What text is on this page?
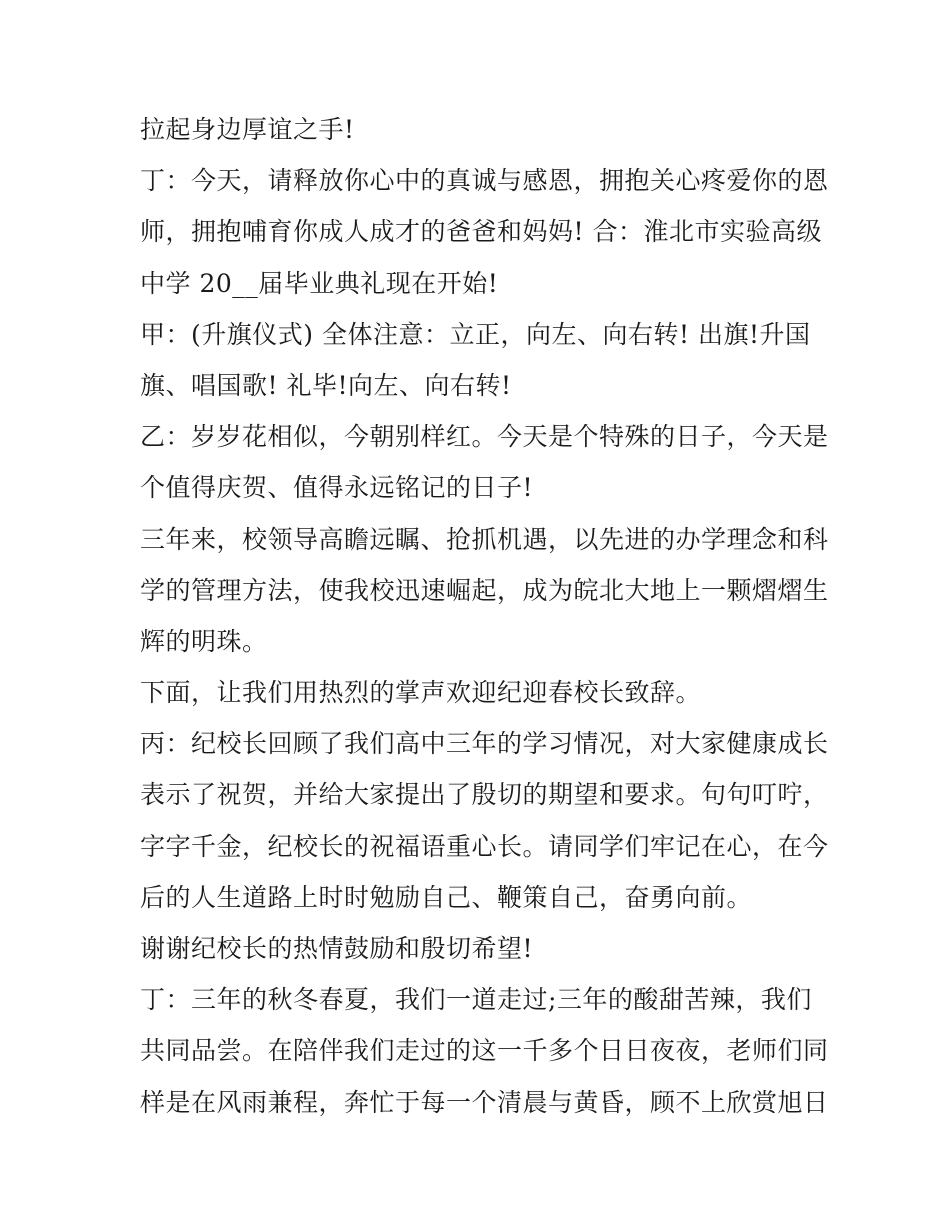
拉起身边厚谊之手!
丁：今天，请释放你心中的真诚与感恩，拥抱关心疼爱你的恩
师，拥抱哺育你成人成才的爸爸和妈妈! 合：淮北市实验高级
中学 20__届毕业典礼现在开始!
甲：(升旗仪式) 全体注意：立正，向左、向右转! 出旗!升国
旗、唱国歌! 礼毕!向左、向右转!
乙：岁岁花相似，今朝别样红。今天是个特殊的日子，今天是
个值得庆贺、值得永远铭记的日子!
三年来，校领导高瞻远瞩、抢抓机遇，以先进的办学理念和科
学的管理方法，使我校迅速崛起，成为皖北大地上一颗熠熠生
辉的明珠。
下面，让我们用热烈的掌声欢迎纪迎春校长致辞。
丙：纪校长回顾了我们高中三年的学习情况，对大家健康成长
表示了祝贺，并给大家提出了殷切的期望和要求。句句叮咛，
字字千金，纪校长的祝福语重心长。请同学们牢记在心，在今
后的人生道路上时时勉励自己、鞭策自己，奋勇向前。
谢谢纪校长的热情鼓励和殷切希望!
丁：三年的秋冬春夏，我们一道走过;三年的酸甜苦辣，我们
共同品尝。在陪伴我们走过的这一千多个日日夜夜，老师们同
样是在风雨兼程，奔忙于每一个清晨与黄昏，顾不上欣赏旭日
